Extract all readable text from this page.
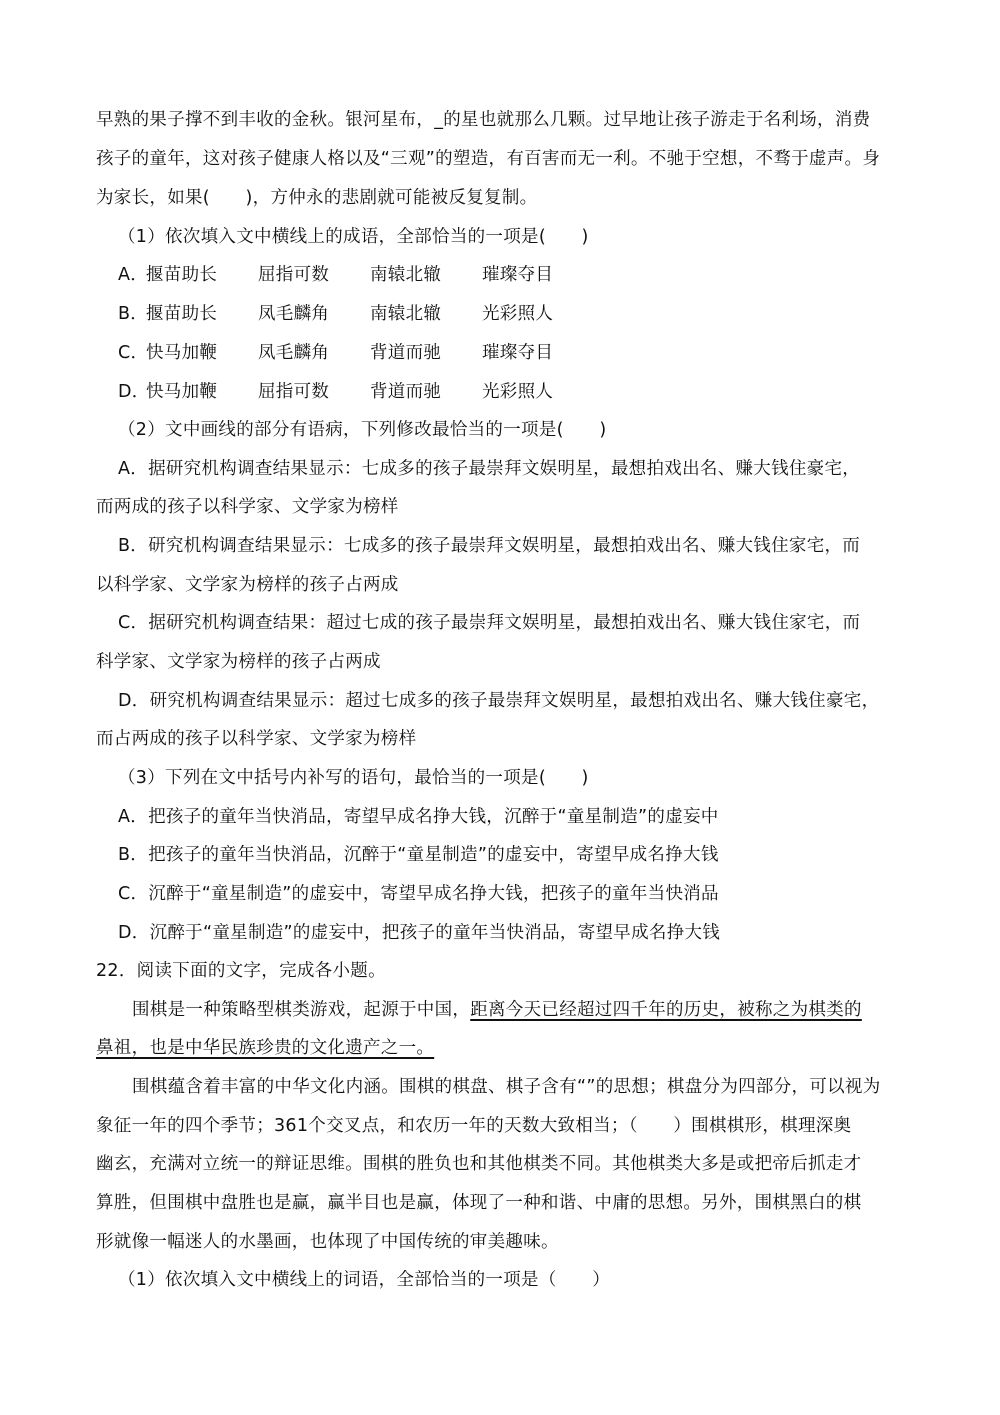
早熟的果子撑不到丰收的金秋。银河星布，_的星也就那么几颗。过早地让孩子游走于名利场，消费
孩子的童年，这对孩子健康人格以及“三观”的塑造，有百害而无一利。不驰于空想，不骛于虚声。身
为家长，如果(　　)，方仲永的悲剧就可能被反复复制。
（1）依次填入文中横线上的成语，全部恰当的一项是(　　)
A．揠苗助长 屈指可数 南辕北辙 璀璨夺目
B．揠苗助长 凤毛麟角 南辕北辙 光彩照人
C．快马加鞭 凤毛麟角 背道而驰 璀璨夺目
D．快马加鞭 屈指可数 背道而驰 光彩照人
（2）文中画线的部分有语病，下列修改最恰当的一项是(　　)
A．据研究机构调查结果显示：七成多的孩子最崇拜文娱明星，最想拍戏出名、赚大钱住豪宅，
而两成的孩子以科学家、文学家为榜样
B．研究机构调查结果显示：七成多的孩子最崇拜文娱明星，最想拍戏出名、赚大钱住家宅，而
以科学家、文学家为榜样的孩子占两成
C．据研究机构调查结果：超过七成的孩子最崇拜文娱明星，最想拍戏出名、赚大钱住家宅，而
科学家、文学家为榜样的孩子占两成
D．研究机构调查结果显示：超过七成多的孩子最崇拜文娱明星，最想拍戏出名、赚大钱住豪宅，
而占两成的孩子以科学家、文学家为榜样
（3）下列在文中括号内补写的语句，最恰当的一项是(　　)
A．把孩子的童年当快消品，寄望早成名挣大钱，沉醉于“童星制造”的虚妄中
B．把孩子的童年当快消品，沉醉于“童星制造”的虚妄中，寄望早成名挣大钱
C．沉醉于“童星制造”的虚妄中，寄望早成名挣大钱，把孩子的童年当快消品
D．沉醉于“童星制造”的虚妄中，把孩子的童年当快消品，寄望早成名挣大钱
22．阅读下面的文字，完成各小题。
围棋是一种策略型棋类游戏，起源于中国，距离今天已经超过四千年的历史，被称之为棋类的
鼻祖，也是中华民族珍贵的文化遗产之一。
围棋蕴含着丰富的中华文化内涵。围棋的棋盘、棋子含有“”的思想；棋盘分为四部分，可以视为
象征一年的四个季节；361个交叉点，和农历一年的天数大致相当；（　　）围棋棋形，棋理深奥
幽玄，充满对立统一的辩证思维。围棋的胜负也和其他棋类不同。其他棋类大多是或把帝后抓走才
算胜，但围棋中盘胜也是赢，赢半目也是赢，体现了一种和谐、中庸的思想。另外，围棋黑白的棋
形就像一幅迷人的水墨画，也体现了中国传统的审美趣味。
（1）依次填入文中横线上的词语，全部恰当的一项是（　　）
